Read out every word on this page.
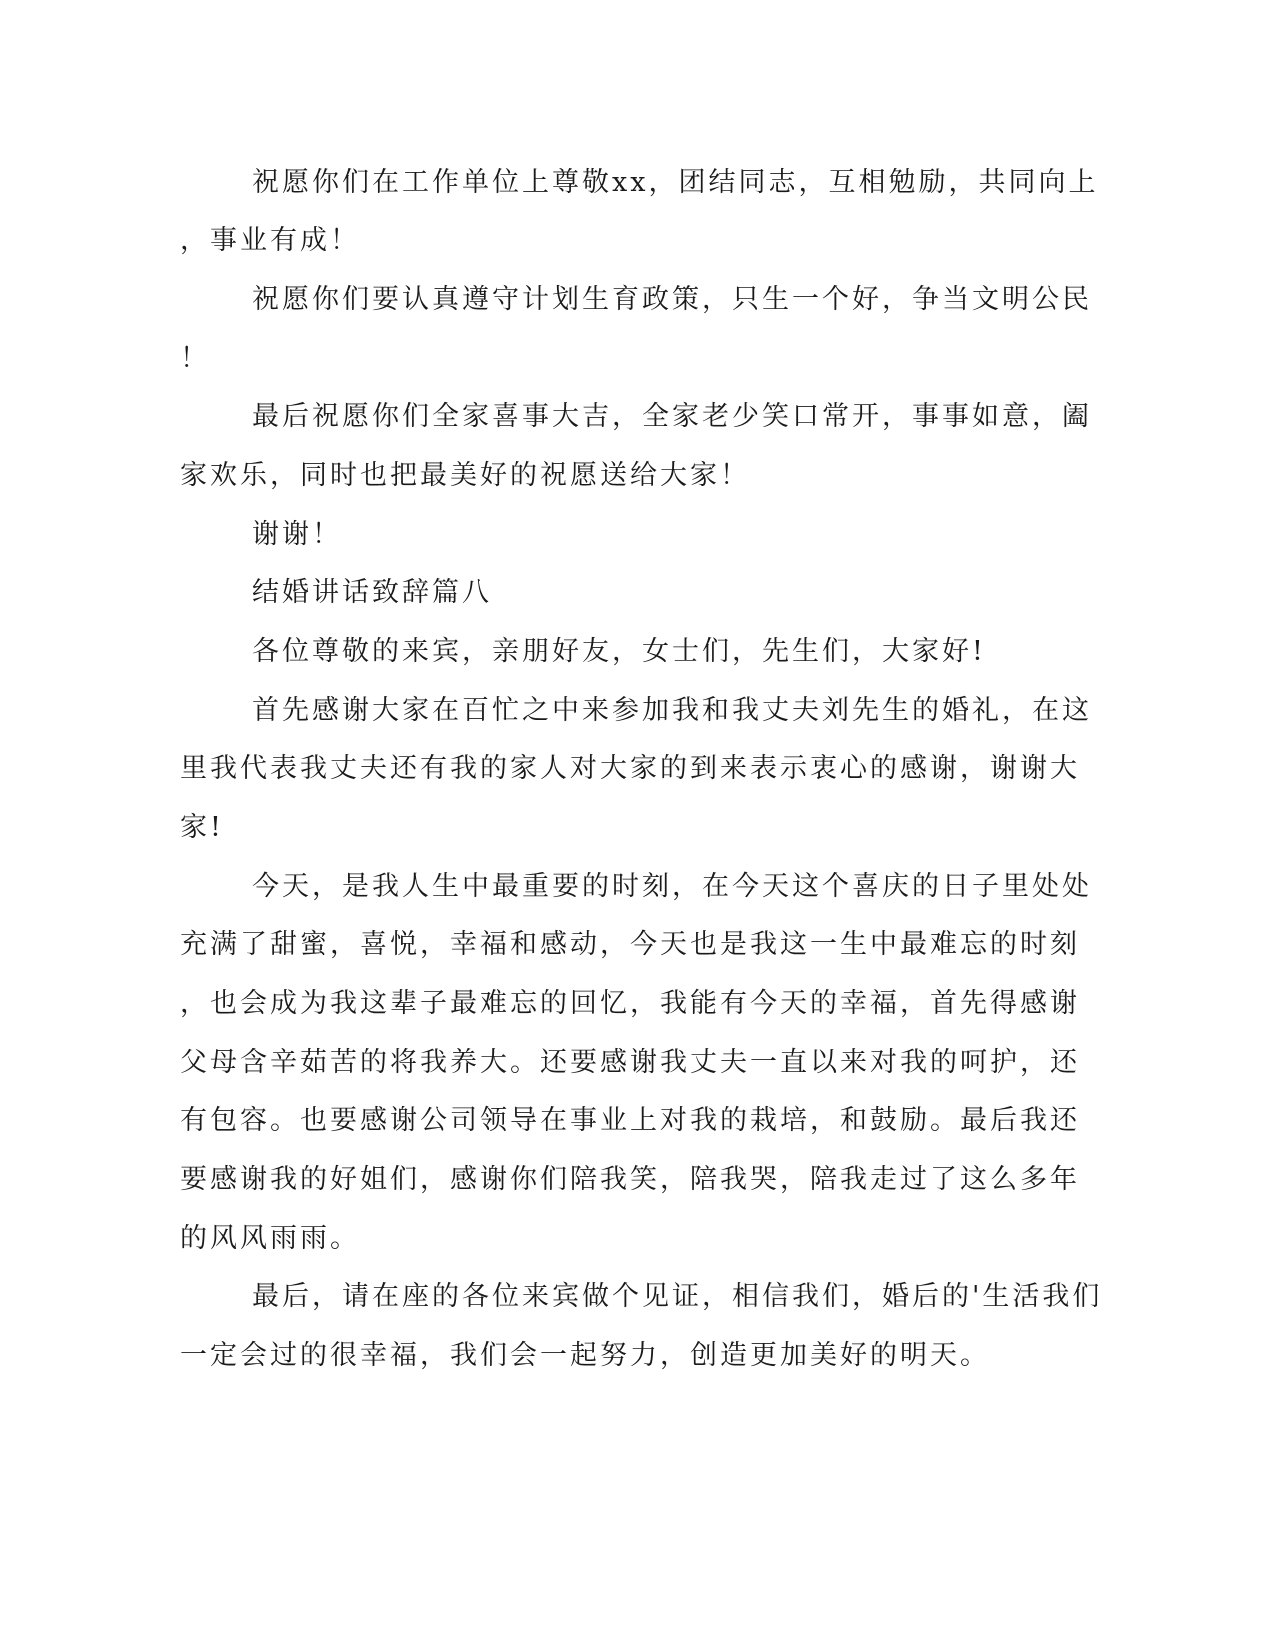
祝愿你们在工作单位上尊敬xx，团结同志，互相勉励，共同向上
，事业有成！
祝愿你们要认真遵守计划生育政策，只生一个好，争当文明公民
！
最后祝愿你们全家喜事大吉，全家老少笑口常开，事事如意，阖
家欢乐，同时也把最美好的祝愿送给大家！
谢谢！
结婚讲话致辞篇八
各位尊敬的来宾，亲朋好友，女士们，先生们，大家好!
首先感谢大家在百忙之中来参加我和我丈夫刘先生的婚礼，在这
里我代表我丈夫还有我的家人对大家的到来表示衷心的感谢，谢谢大
家!
今天，是我人生中最重要的时刻，在今天这个喜庆的日子里处处
充满了甜蜜，喜悦，幸福和感动，今天也是我这一生中最难忘的时刻
，也会成为我这辈子最难忘的回忆，我能有今天的幸福，首先得感谢
父母含辛茹苦的将我养大。还要感谢我丈夫一直以来对我的呵护，还
有包容。也要感谢公司领导在事业上对我的栽培，和鼓励。最后我还
要感谢我的好姐们，感谢你们陪我笑，陪我哭，陪我走过了这么多年
的风风雨雨。
最后，请在座的各位来宾做个见证，相信我们，婚后的'生活我们
一定会过的很幸福，我们会一起努力，创造更加美好的明天。
